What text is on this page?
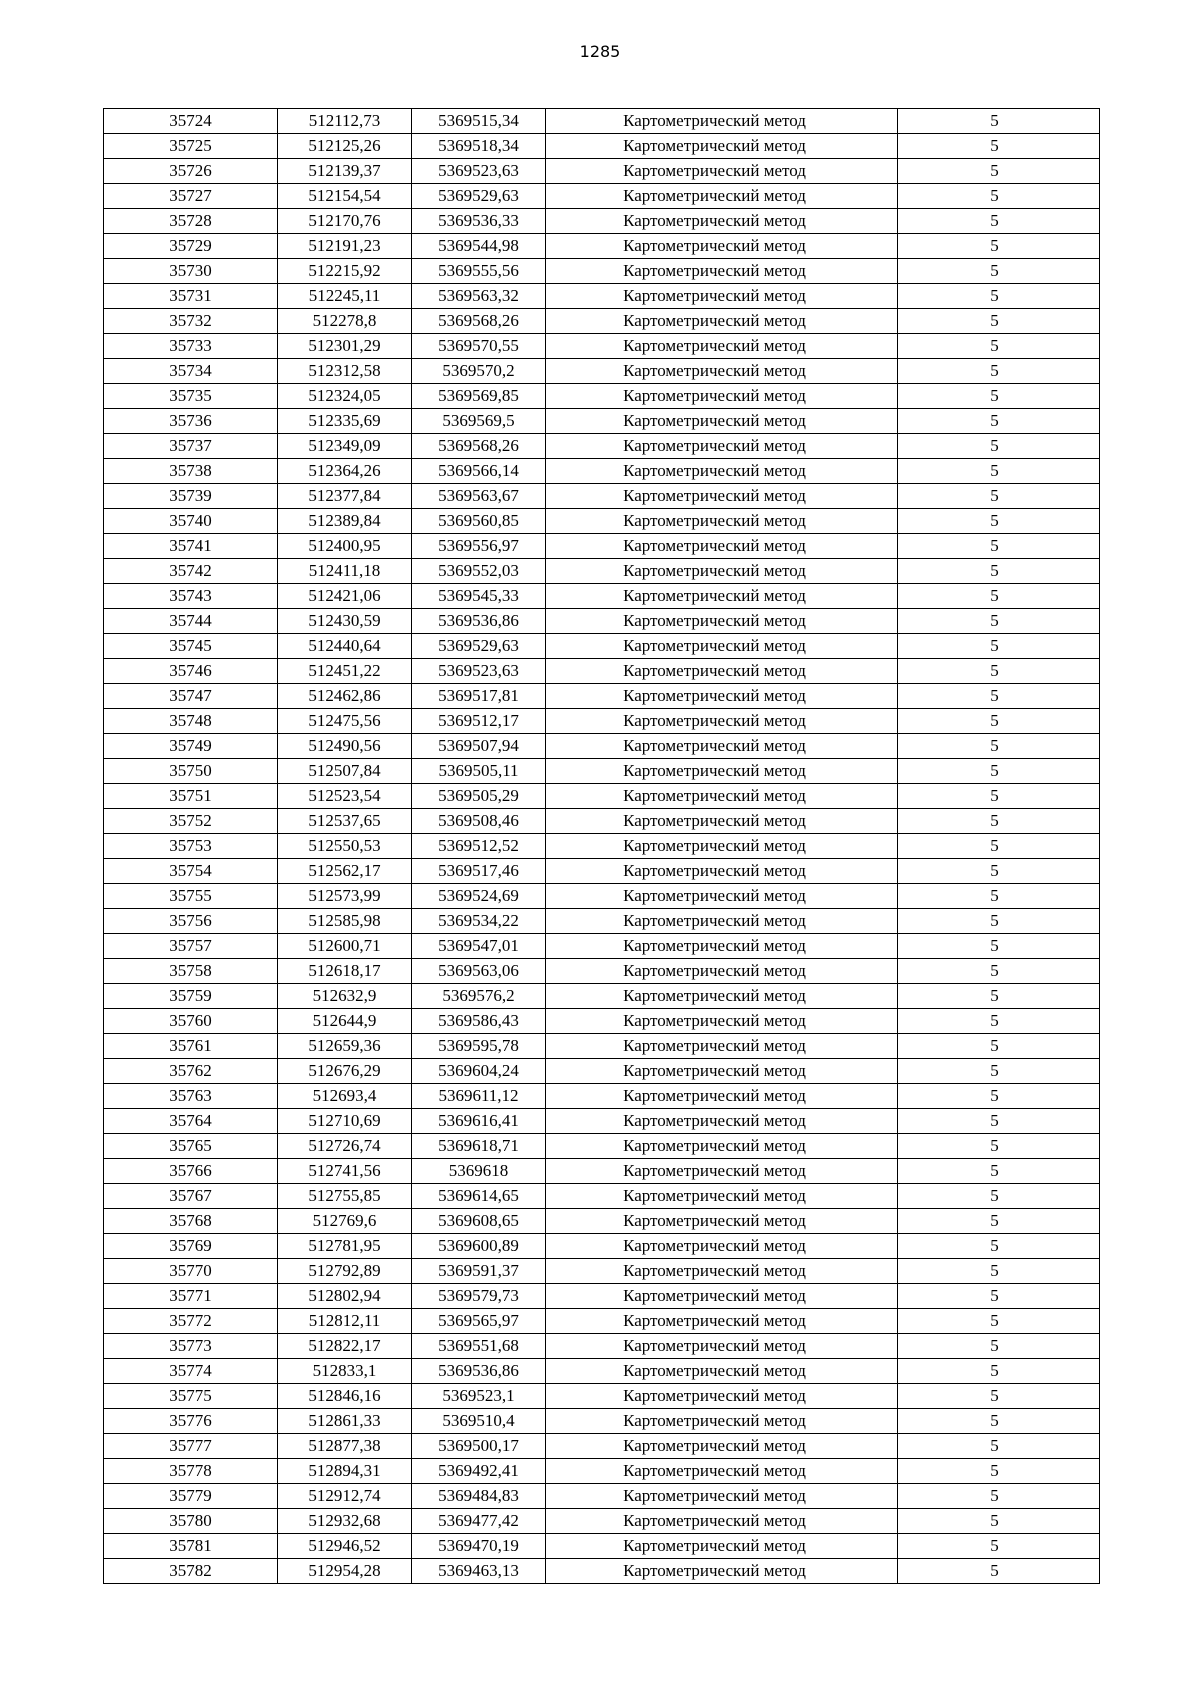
1285
35724	512112,73	5369515,34	Картометрический метод	5
35725	512125,26	5369518,34	Картометрический метод	5
35726	512139,37	5369523,63	Картометрический метод	5
35727	512154,54	5369529,63	Картометрический метод	5
35728	512170,76	5369536,33	Картометрический метод	5
35729	512191,23	5369544,98	Картометрический метод	5
35730	512215,92	5369555,56	Картометрический метод	5
35731	512245,11	5369563,32	Картометрический метод	5
35732	512278,8	5369568,26	Картометрический метод	5
35733	512301,29	5369570,55	Картометрический метод	5
35734	512312,58	5369570,2	Картометрический метод	5
35735	512324,05	5369569,85	Картометрический метод	5
35736	512335,69	5369569,5	Картометрический метод	5
35737	512349,09	5369568,26	Картометрический метод	5
35738	512364,26	5369566,14	Картометрический метод	5
35739	512377,84	5369563,67	Картометрический метод	5
35740	512389,84	5369560,85	Картометрический метод	5
35741	512400,95	5369556,97	Картометрический метод	5
35742	512411,18	5369552,03	Картометрический метод	5
35743	512421,06	5369545,33	Картометрический метод	5
35744	512430,59	5369536,86	Картометрический метод	5
35745	512440,64	5369529,63	Картометрический метод	5
35746	512451,22	5369523,63	Картометрический метод	5
35747	512462,86	5369517,81	Картометрический метод	5
35748	512475,56	5369512,17	Картометрический метод	5
35749	512490,56	5369507,94	Картометрический метод	5
35750	512507,84	5369505,11	Картометрический метод	5
35751	512523,54	5369505,29	Картометрический метод	5
35752	512537,65	5369508,46	Картометрический метод	5
35753	512550,53	5369512,52	Картометрический метод	5
35754	512562,17	5369517,46	Картометрический метод	5
35755	512573,99	5369524,69	Картометрический метод	5
35756	512585,98	5369534,22	Картометрический метод	5
35757	512600,71	5369547,01	Картометрический метод	5
35758	512618,17	5369563,06	Картометрический метод	5
35759	512632,9	5369576,2	Картометрический метод	5
35760	512644,9	5369586,43	Картометрический метод	5
35761	512659,36	5369595,78	Картометрический метод	5
35762	512676,29	5369604,24	Картометрический метод	5
35763	512693,4	5369611,12	Картометрический метод	5
35764	512710,69	5369616,41	Картометрический метод	5
35765	512726,74	5369618,71	Картометрический метод	5
35766	512741,56	5369618	Картометрический метод	5
35767	512755,85	5369614,65	Картометрический метод	5
35768	512769,6	5369608,65	Картометрический метод	5
35769	512781,95	5369600,89	Картометрический метод	5
35770	512792,89	5369591,37	Картометрический метод	5
35771	512802,94	5369579,73	Картометрический метод	5
35772	512812,11	5369565,97	Картометрический метод	5
35773	512822,17	5369551,68	Картометрический метод	5
35774	512833,1	5369536,86	Картометрический метод	5
35775	512846,16	5369523,1	Картометрический метод	5
35776	512861,33	5369510,4	Картометрический метод	5
35777	512877,38	5369500,17	Картометрический метод	5
35778	512894,31	5369492,41	Картометрический метод	5
35779	512912,74	5369484,83	Картометрический метод	5
35780	512932,68	5369477,42	Картометрический метод	5
35781	512946,52	5369470,19	Картометрический метод	5
35782	512954,28	5369463,13	Картометрический метод	5
